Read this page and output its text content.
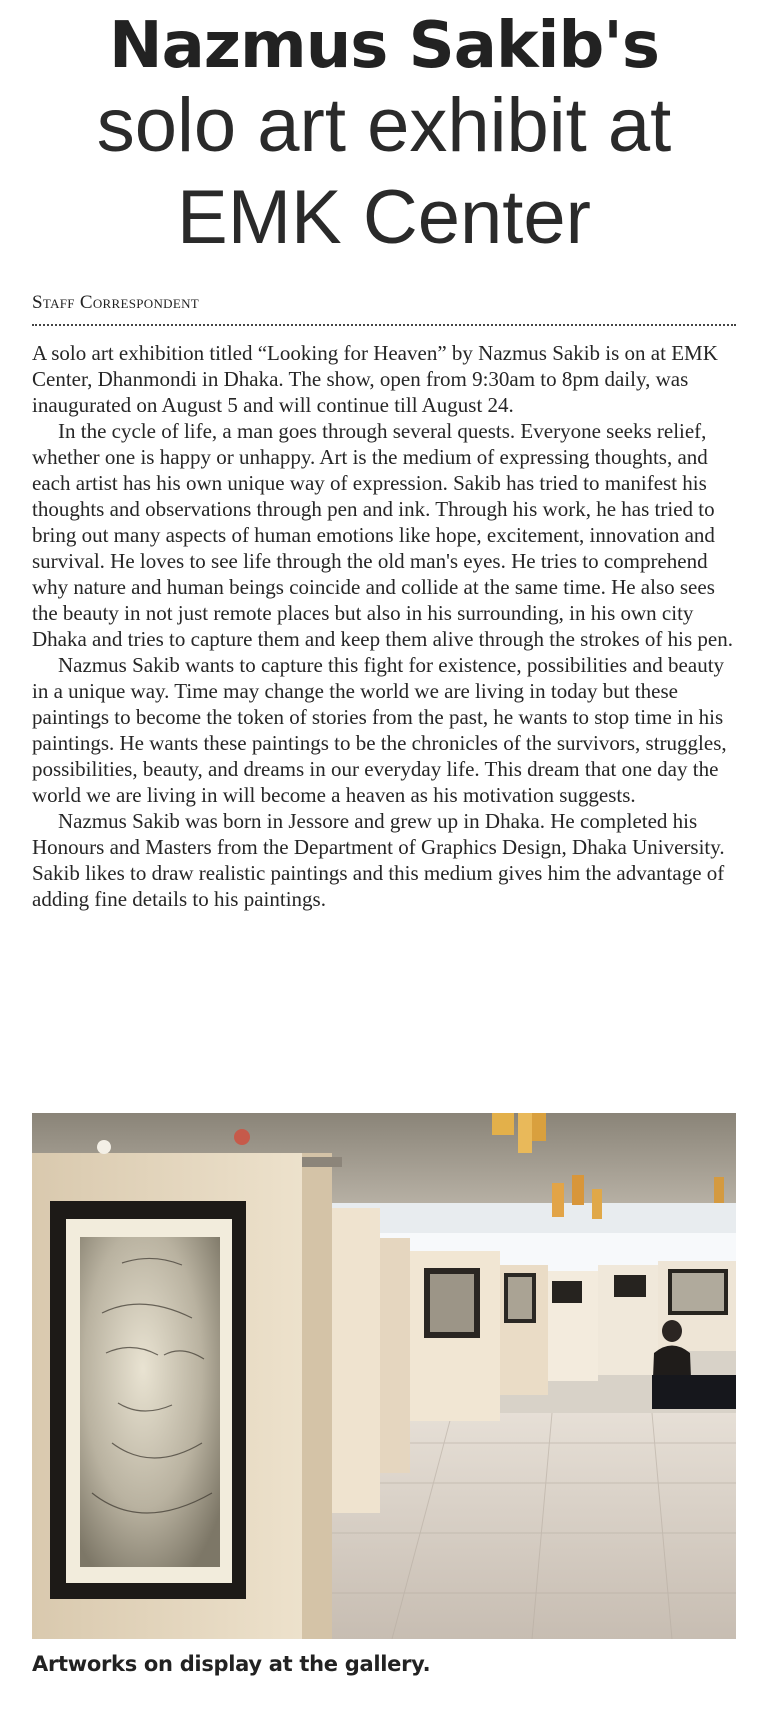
Nazmus Sakib's
solo art exhibit at
EMK Center
Staff Correspondent

A solo art exhibition titled “Looking for Heaven” by Nazmus Sakib is on at EMK Center, Dhanmondi in Dhaka. The show, open from 9:30am to 8pm daily, was inaugurated on August 5 and will continue till August 24.

In the cycle of life, a man goes through several quests. Everyone seeks relief, whether one is happy or unhappy. Art is the medium of expressing thoughts, and each artist has his own unique way of expression. Sakib has tried to manifest his thoughts and observations through pen and ink. Through his work, he has tried to bring out many aspects of human emotions like hope, excitement, innovation and survival. He loves to see life through the old man's eyes. He tries to comprehend why nature and human beings coincide and collide at the same time. He also sees the beauty in not just remote places but also in his surrounding, in his own city Dhaka and tries to capture them and keep them alive through the strokes of his pen.

Nazmus Sakib wants to capture this fight for existence, possibilities and beauty in a unique way. Time may change the world we are living in today but these paintings to become the token of stories from the past, he wants to stop time in his paintings. He wants these paintings to be the chronicles of the survivors, struggles, possibilities, beauty, and dreams in our everyday life. This dream that one day the world we are living in will become a heaven as his motivation suggests.

Nazmus Sakib was born in Jessore and grew up in Dhaka. He completed his Honours and Masters from the Department of Graphics Design, Dhaka University. Sakib likes to draw realistic paintings and this medium gives him the advantage of adding fine details to his paintings.

Artworks on display at the gallery.
